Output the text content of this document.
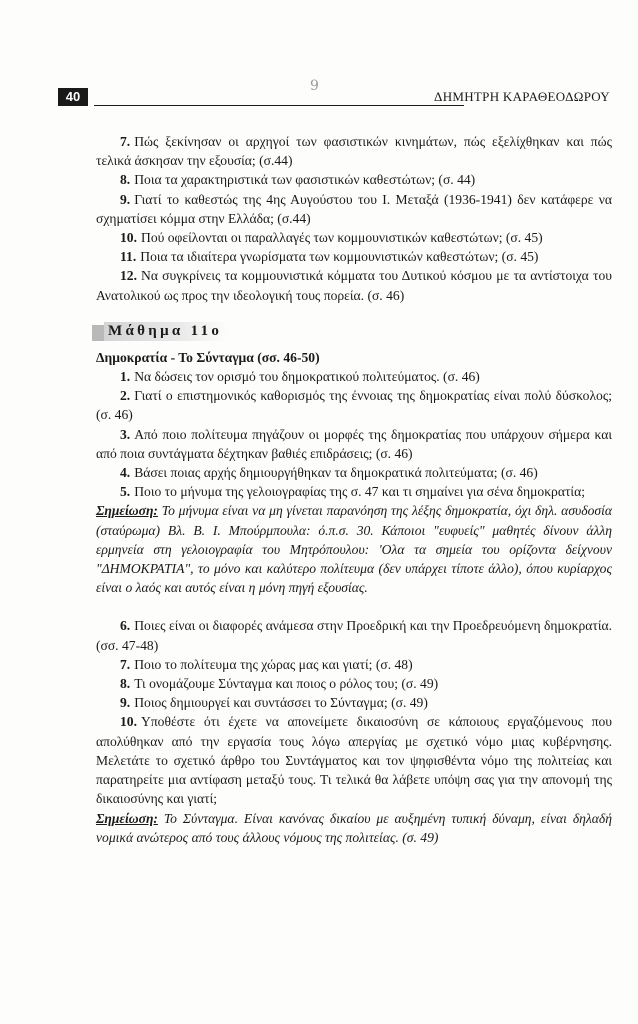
40
9
ΔΗΜΗΤΡΗ ΚΑΡΑΘΕΟΔΩΡΟΥ

7. Πώς ξεκίνησαν οι αρχηγοί των φασιστικών κινημάτων, πώς εξελίχθηκαν και πώς τελικά άσκησαν την εξουσία; (σ.44)

8. Ποια τα χαρακτηριστικά των φασιστικών καθεστώτων; (σ. 44)

9. Γιατί το καθεστώς της 4ης Αυγούστου του Ι. Μεταξά (1936-1941) δεν κατάφερε να σχηματίσει κόμμα στην Ελλάδα; (σ.44)

10. Πού οφείλονται οι παραλλαγές των κομμουνιστικών καθεστώτων; (σ. 45)

11. Ποια τα ιδιαίτερα γνωρίσματα των κομμουνιστικών καθεστώτων; (σ. 45)

12. Να συγκρίνεις τα κομμουνιστικά κόμματα του Δυτικού κόσμου με τα αντίστοιχα του Ανατολικού ως προς την ιδεολογική τους πορεία. (σ. 46)

Μάθημα 11ο

Δημοκρατία - Το Σύνταγμα (σσ. 46-50)

1. Να δώσεις τον ορισμό του δημοκρατικού πολιτεύματος. (σ. 46)

2. Γιατί ο επιστημονικός καθορισμός της έννοιας της δημοκρατίας είναι πολύ δύσκολος; (σ. 46)

3. Από ποιο πολίτευμα πηγάζουν οι μορφές της δημοκρατίας που υπάρχουν σήμερα και από ποια συντάγματα δέχτηκαν βαθιές επιδράσεις; (σ. 46)

4. Βάσει ποιας αρχής δημιουργήθηκαν τα δημοκρατικά πολιτεύματα; (σ. 46)

5. Ποιο το μήνυμα της γελοιογραφίας της σ. 47 και τι σημαίνει για σένα δημοκρατία;

Σημείωση: Το μήνυμα είναι να μη γίνεται παρανόηση της λέξης δημοκρατία, όχι δηλ. ασυδοσία (σταύρωμα) Βλ. Β. Ι. Μπούρμπουλα: ό.π.σ. 30. Κάποιοι "ευφυείς" μαθητές δίνουν άλλη ερμηνεία στη γελοιογραφία του Μητρόπουλου: 'Ολα τα σημεία του ορίζοντα δείχνουν "ΔΗΜΟΚΡΑΤΙΑ", το μόνο και καλύτερο πολίτευμα (δεν υπάρχει τίποτε άλλο), όπου κυρίαρχος είναι ο λαός και αυτός είναι η μόνη πηγή εξουσίας.

6. Ποιες είναι οι διαφορές ανάμεσα στην Προεδρική και την Προεδρευόμενη δημοκρατία. (σσ. 47-48)

7. Ποιο το πολίτευμα της χώρας μας και γιατί; (σ. 48)

8. Τι ονομάζουμε Σύνταγμα και ποιος ο ρόλος του; (σ. 49)

9. Ποιος δημιουργεί και συντάσσει το Σύνταγμα; (σ. 49)

10. Υποθέστε ότι έχετε να απονείμετε δικαιοσύνη σε κάποιους εργαζόμενους που απολύθηκαν από την εργασία τους λόγω απεργίας με σχετικό νόμο μιας κυβέρνησης. Μελετάτε το σχετικό άρθρο του Συντάγματος και τον ψηφισθέντα νόμο της πολιτείας και παρατηρείτε μια αντίφαση μεταξύ τους. Τι τελικά θα λάβετε υπόψη σας για την απονομή της δικαιοσύνης και γιατί;

Σημείωση: Το Σύνταγμα. Είναι κανόνας δικαίου με αυξημένη τυπική δύναμη, είναι δηλαδή νομικά ανώτερος από τους άλλους νόμους της πολιτείας. (σ. 49)
